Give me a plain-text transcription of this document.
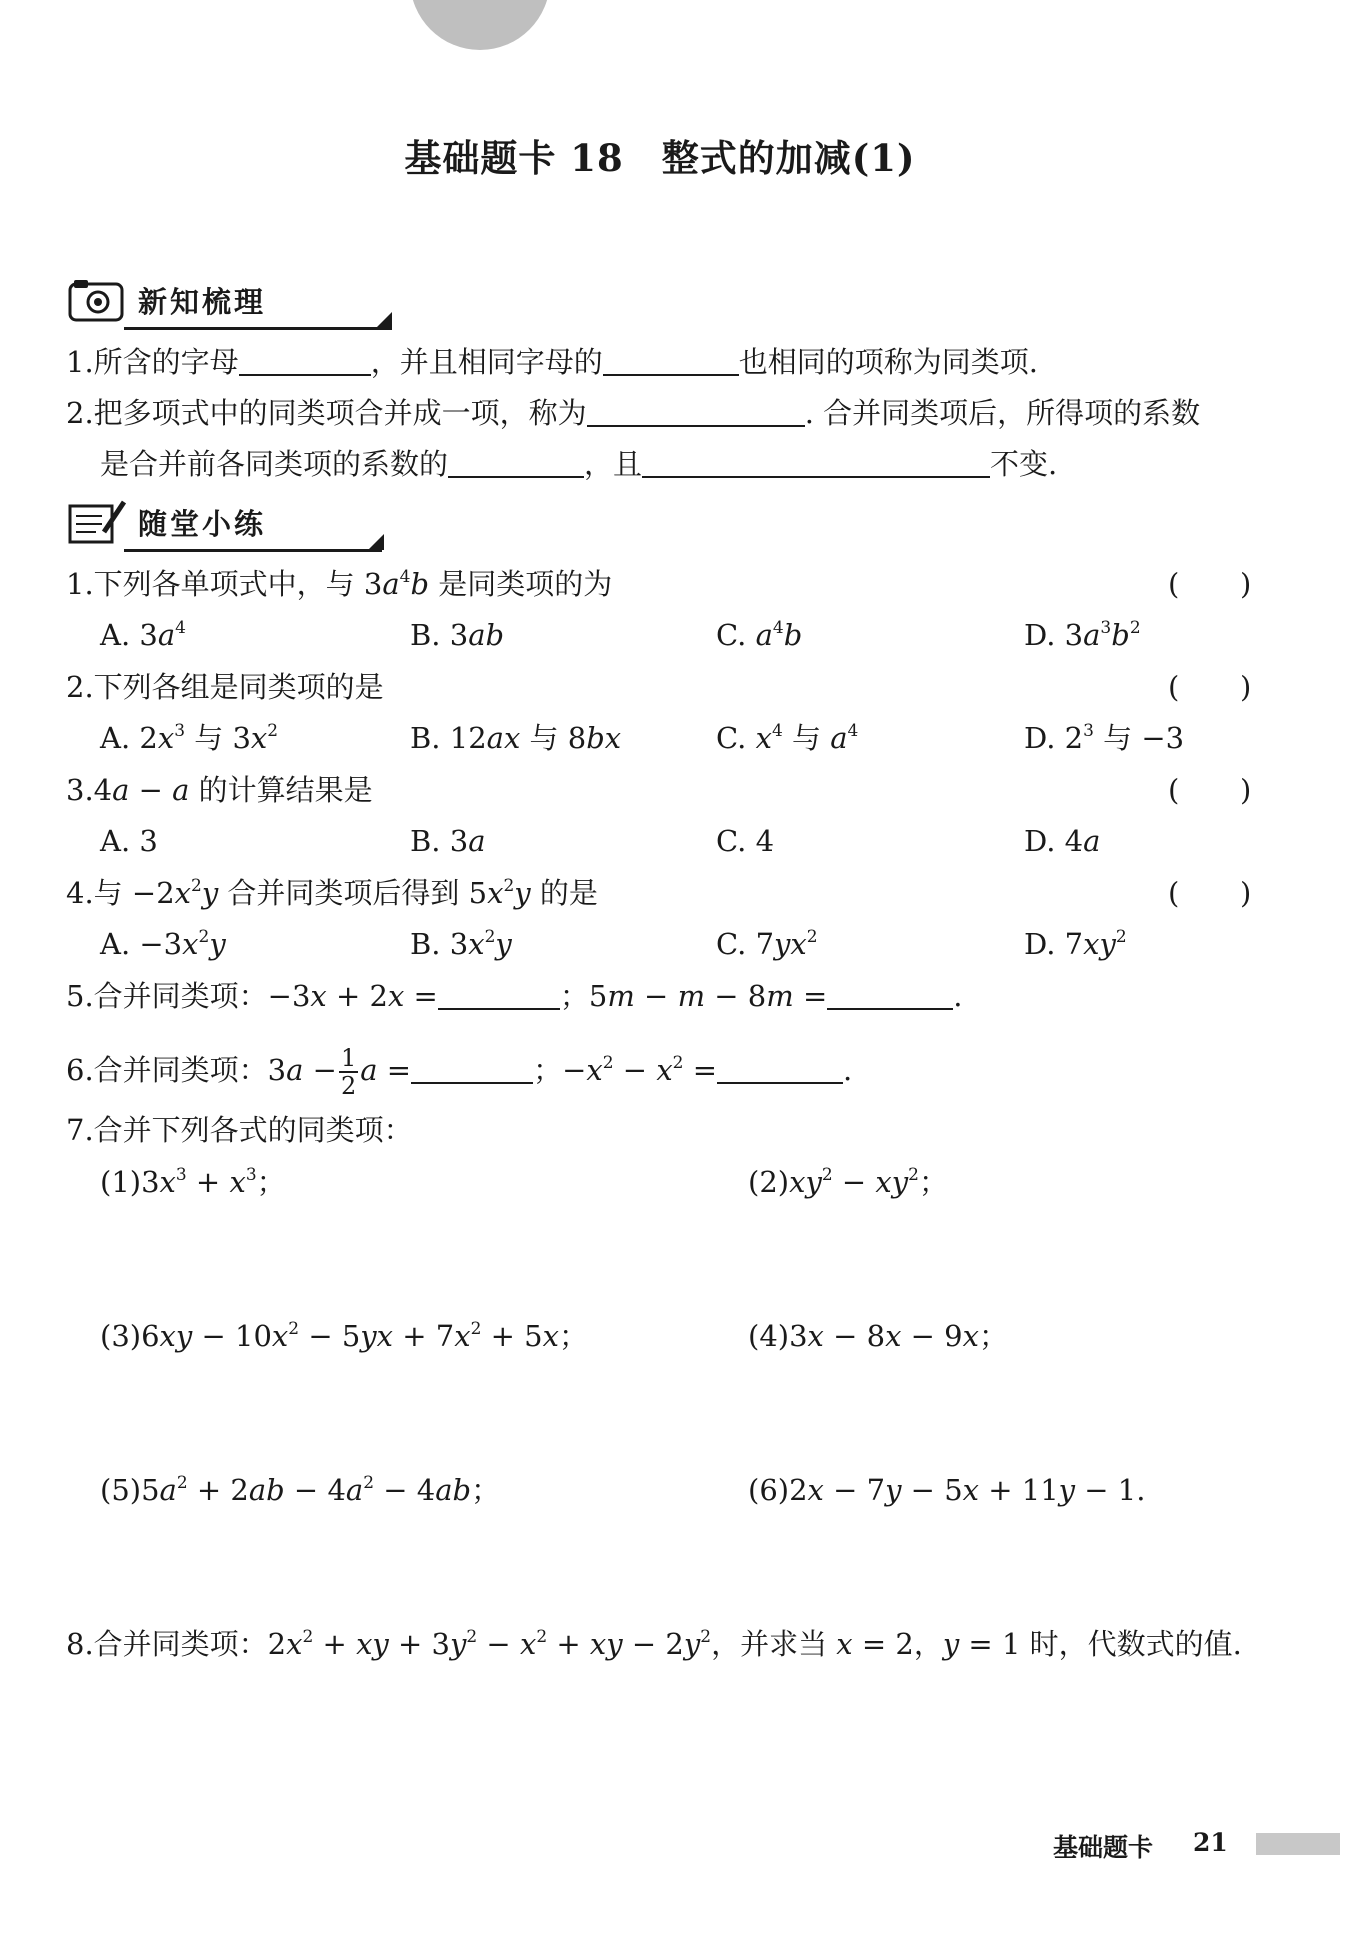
基础题卡 18　整式的加减(1)
新知梳理
1.所含的字母	，并且相同字母的	也相同的项称为同类项.
2.把多项式中的同类项合并成一项，称为	. 合并同类项后，所得项的系数
是合并前各同类项的系数的	，且	不变.
随堂小练
1.下列各单项式中，与 $3a^4b$ 是同类项的为	( )
A. $3a^4$	B. 3ab	C. $a^4b$	D. $3a^3b^2$
2.下列各组是同类项的是	( )
A. $2x^3$ 与 $3x^2$	B. 12ax 与 8bx	C. $x^4$ 与 $a^4$	D. $2^3$ 与 −3
3.4a − a 的计算结果是	( )
A. 3	B. 3a	C. 4	D. 4a
4.与 $-2x^2y$ 合并同类项后得到 $5x^2y$ 的是	( )
A. $-3x^2y$	B. $3x^2y$	C. $7yx^2$	D. $7xy^2$
5.合并同类项：−3x + 2x =	；5m − m − 8m =	.
6.合并同类项：$3a - \frac{1}{2}$ a =	；$-x^2 - x^2$ =	.
7.合并下列各式的同类项：
$(1)3x^3 + x^3$；	$(2)xy^2 - xy^2$；
$(3)6xy - 10x^2 - 5yx + 7x^2 + 5x$；	(4)3x − 8x − 9x；
$(5)5a^2 + 2ab - 4a^2 - 4ab$；	(6)2x − 7y − 5x + 11y − 1.
8.合并同类项：$2x^2$ + xy + $3y^2 - x^2$ + xy − $2y^2$，并求当 x = 2，y = 1 时，代数式的值.
基础题卡 21
